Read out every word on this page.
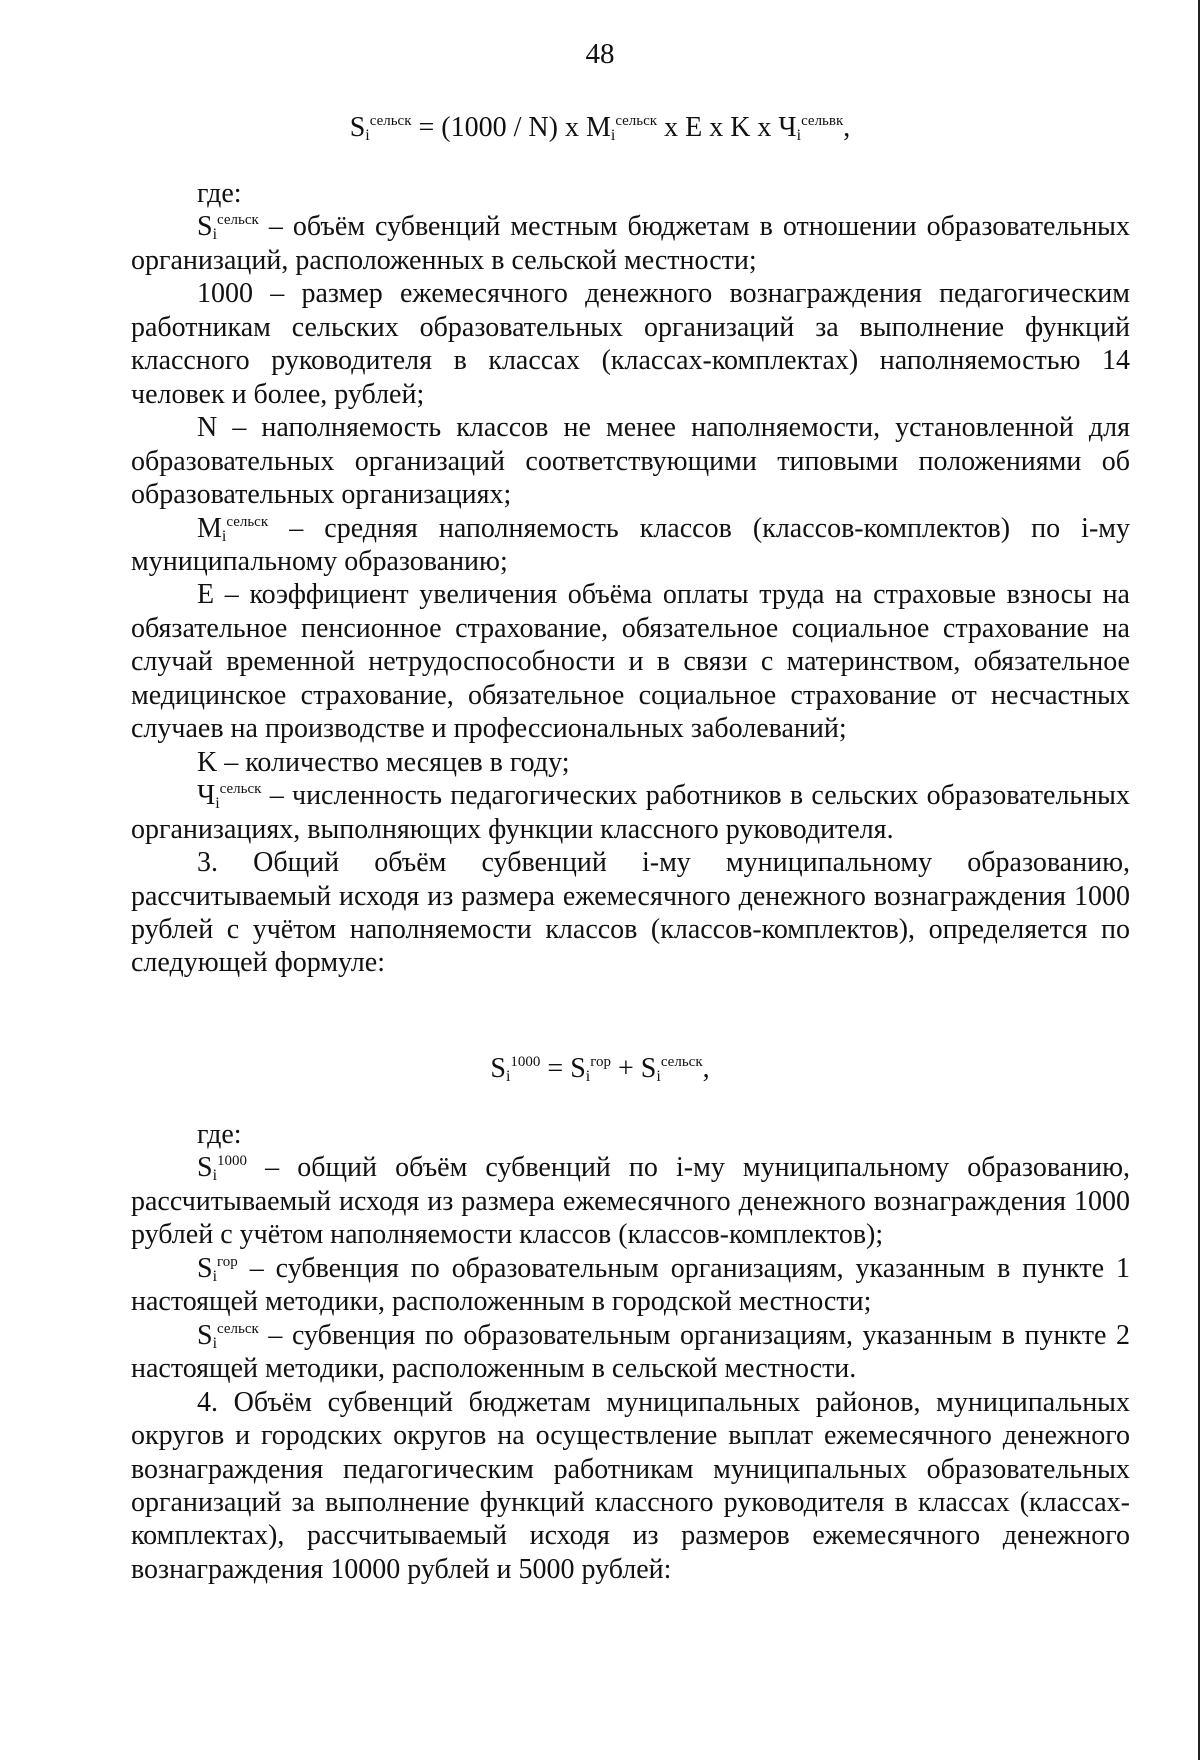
48
$S_i^{сельск} = (1000 / N)$ х $M_i^{сельск}$ х E х K х $Ч_i^{сельвк}$,

где:

$S_i^{сельск}$ – объём субвенций местным бюджетам в отношении образовательных организаций, расположенных в сельской местности;

1000 – размер ежемесячного денежного вознаграждения педагогическим работникам сельских образовательных организаций за выполнение функций классного руководителя в классах (классах-комплектах) наполняемостью 14 человек и более, рублей;

N – наполняемость классов не менее наполняемости, установленной для образовательных организаций соответствующими типовыми положениями об образовательных организациях;

$M_i^{сельск}$ – средняя наполняемость классов (классов-комплектов) по i-му муниципальному образованию;

E – коэффициент увеличения объёма оплаты труда на страховые взносы на обязательное пенсионное страхование, обязательное социальное страхование на случай временной нетрудоспособности и в связи с материнством, обязательное медицинское страхование, обязательное социальное страхование от несчастных случаев на производстве и профессиональных заболеваний;

K – количество месяцев в году;

$Ч_i^{сельск}$ – численность педагогических работников в сельских образовательных организациях, выполняющих функции классного руководителя.

3. Общий объём субвенций i-му муниципальному образованию, рассчитываемый исходя из размера ежемесячного денежного вознаграждения 1000 рублей с учётом наполняемости классов (классов-комплектов), определяется по следующей формуле:

$S_i^{1000} = S_i^{гор} + S_i^{сельск}$,

где:

$S_i^{1000}$ – общий объём субвенций по i-му муниципальному образованию, рассчитываемый исходя из размера ежемесячного денежного вознаграждения 1000 рублей с учётом наполняемости классов (классов-комплектов);

$S_i^{гор}$ – субвенция по образовательным организациям, указанным в пункте 1 настоящей методики, расположенным в городской местности;

$S_i^{сельск}$ – субвенция по образовательным организациям, указанным в пункте 2 настоящей методики, расположенным в сельской местности.

4. Объём субвенций бюджетам муниципальных районов, муниципальных округов и городских округов на осуществление выплат ежемесячного денежного вознаграждения педагогическим работникам муниципальных образовательных организаций за выполнение функций классного руководителя в классах (классах-комплектах), рассчитываемый исходя из размеров ежемесячного денежного вознаграждения 10000 рублей и 5000 рублей:
